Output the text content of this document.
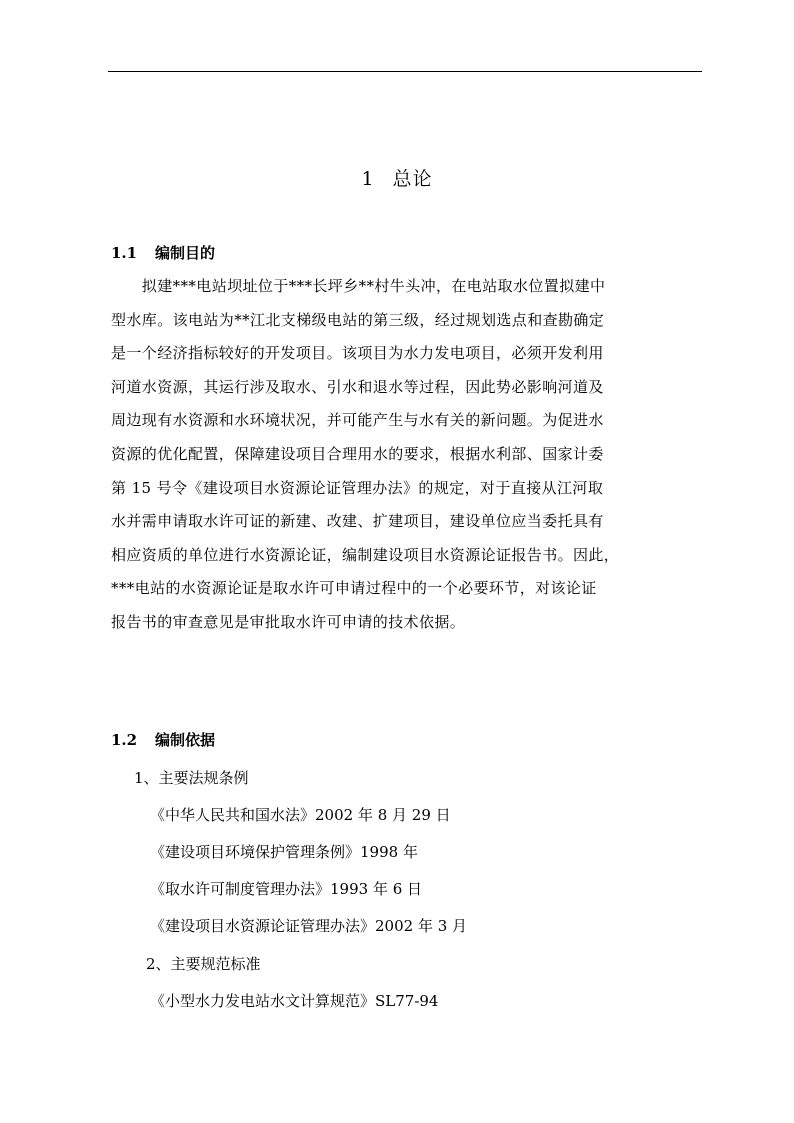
1 总论
1.1 编制目的
　　拟建***电站坝址位于***长坪乡**村牛头冲，在电站取水位置拟建中
型水库。该电站为**江北支梯级电站的第三级，经过规划选点和查勘确定
是一个经济指标较好的开发项目。该项目为水力发电项目，必须开发利用
河道水资源，其运行涉及取水、引水和退水等过程，因此势必影响河道及
周边现有水资源和水环境状况，并可能产生与水有关的新问题。为促进水
资源的优化配置，保障建设项目合理用水的要求，根据水利部、国家计委
第 15 号令《建设项目水资源论证管理办法》的规定，对于直接从江河取
水并需申请取水许可证的新建、改建、扩建项目，建设单位应当委托具有
相应资质的单位进行水资源论证，编制建设项目水资源论证报告书。因此，
***电站的水资源论证是取水许可申请过程中的一个必要环节，对该论证
报告书的审查意见是审批取水许可申请的技术依据。
1.2 编制依据
1、主要法规条例
《中华人民共和国水法》2002 年 8 月 29 日
《建设项目环境保护管理条例》1998 年
《取水许可制度管理办法》1993 年 6 日
《建设项目水资源论证管理办法》2002 年 3 月
2、主要规范标准
《小型水力发电站水文计算规范》SL77-94
